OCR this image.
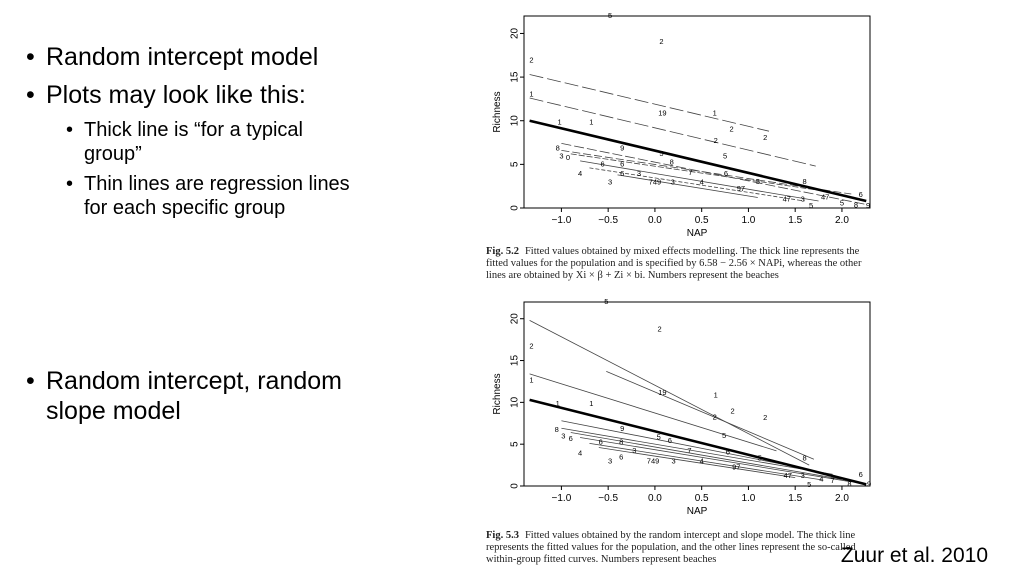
• Random intercept model
• Plots may look like this:
• Thick line is “for a typical group”
• Thin lines are regression lines for each specific group
• Random intercept, random slope model
−1.0	−0.5	0.0	0.5	1.0	1.5	2.0
0
5
10
15
20
NAP
Richness
5
2
2
1
19	1
2
2
2
1	1
8
3 0
9
6 6
5
8
7	6
5
4	6 3
3	749 3	4
97
5	8
47 3 47
5
5
6
8 9
Fig. 5.2 Fitted values obtained by mixed effects modelling. The thick line represents the fitted values for the population and is specified by 6.58 − 2.56 × NAPi, whereas the other lines are obtained by Xi × β + Zi × bi. Numbers represent the beaches
−1.0	−0.5	0.0	0.5	1.0	1.5	2.0
0
5
10
15
20
NAP
Richness
5
2
2
1
19	1
2
2	2
5
1	1
8
3 6
9
6 8
5 6
3	7	6
5	8
4	6
3	749 3	4
97
47 3 4 7
5	8
6
9
Fig. 5.3 Fitted values obtained by the random intercept and slope model. The thick line represents the fitted values for the population, and the other lines represent the so-called within-group fitted curves. Numbers represent beaches	Zuur et al. 2010
